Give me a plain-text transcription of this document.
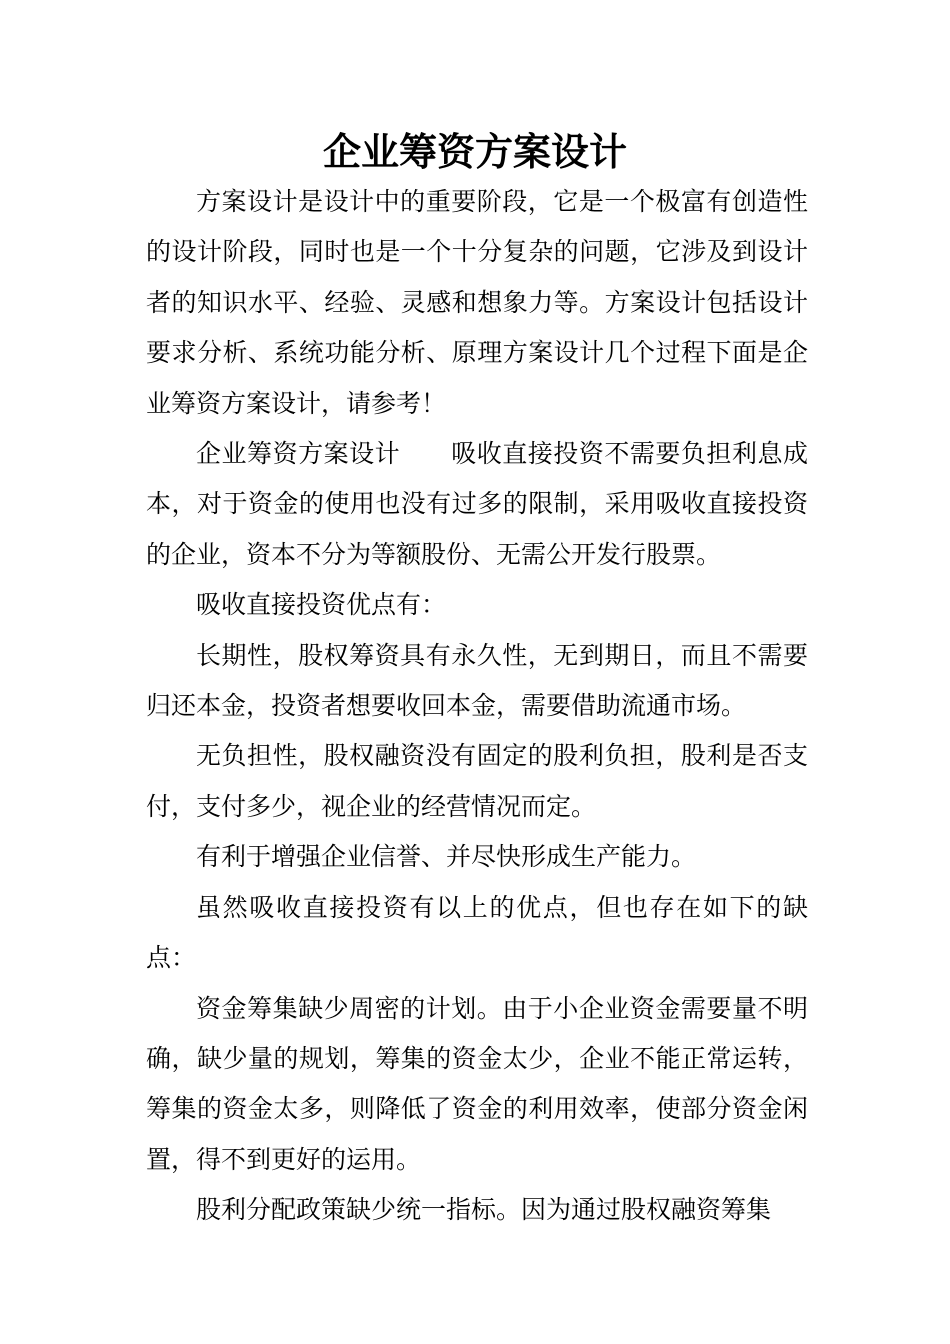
企业筹资方案设计

方案设计是设计中的重要阶段，它是一个极富有创造性的设计阶段，同时也是一个十分复杂的问题，它涉及到设计者的知识水平、经验、灵感和想象力等。方案设计包括设计要求分析、系统功能分析、原理方案设计几个过程下面是企业筹资方案设计，请参考！

企业筹资方案设计　　吸收直接投资不需要负担利息成本，对于资金的使用也没有过多的限制，采用吸收直接投资的企业，资本不分为等额股份、无需公开发行股票。

吸收直接投资优点有：

长期性，股权筹资具有永久性，无到期日，而且不需要归还本金，投资者想要收回本金，需要借助流通市场。

无负担性，股权融资没有固定的股利负担，股利是否支付，支付多少，视企业的经营情况而定。

有利于增强企业信誉、并尽快形成生产能力。

虽然吸收直接投资有以上的优点，但也存在如下的缺点：

资金筹集缺少周密的计划。由于小企业资金需要量不明确，缺少量的规划，筹集的资金太少，企业不能正常运转，筹集的资金太多，则降低了资金的利用效率，使部分资金闲置，得不到更好的运用。

股利分配政策缺少统一指标。因为通过股权融资筹集
